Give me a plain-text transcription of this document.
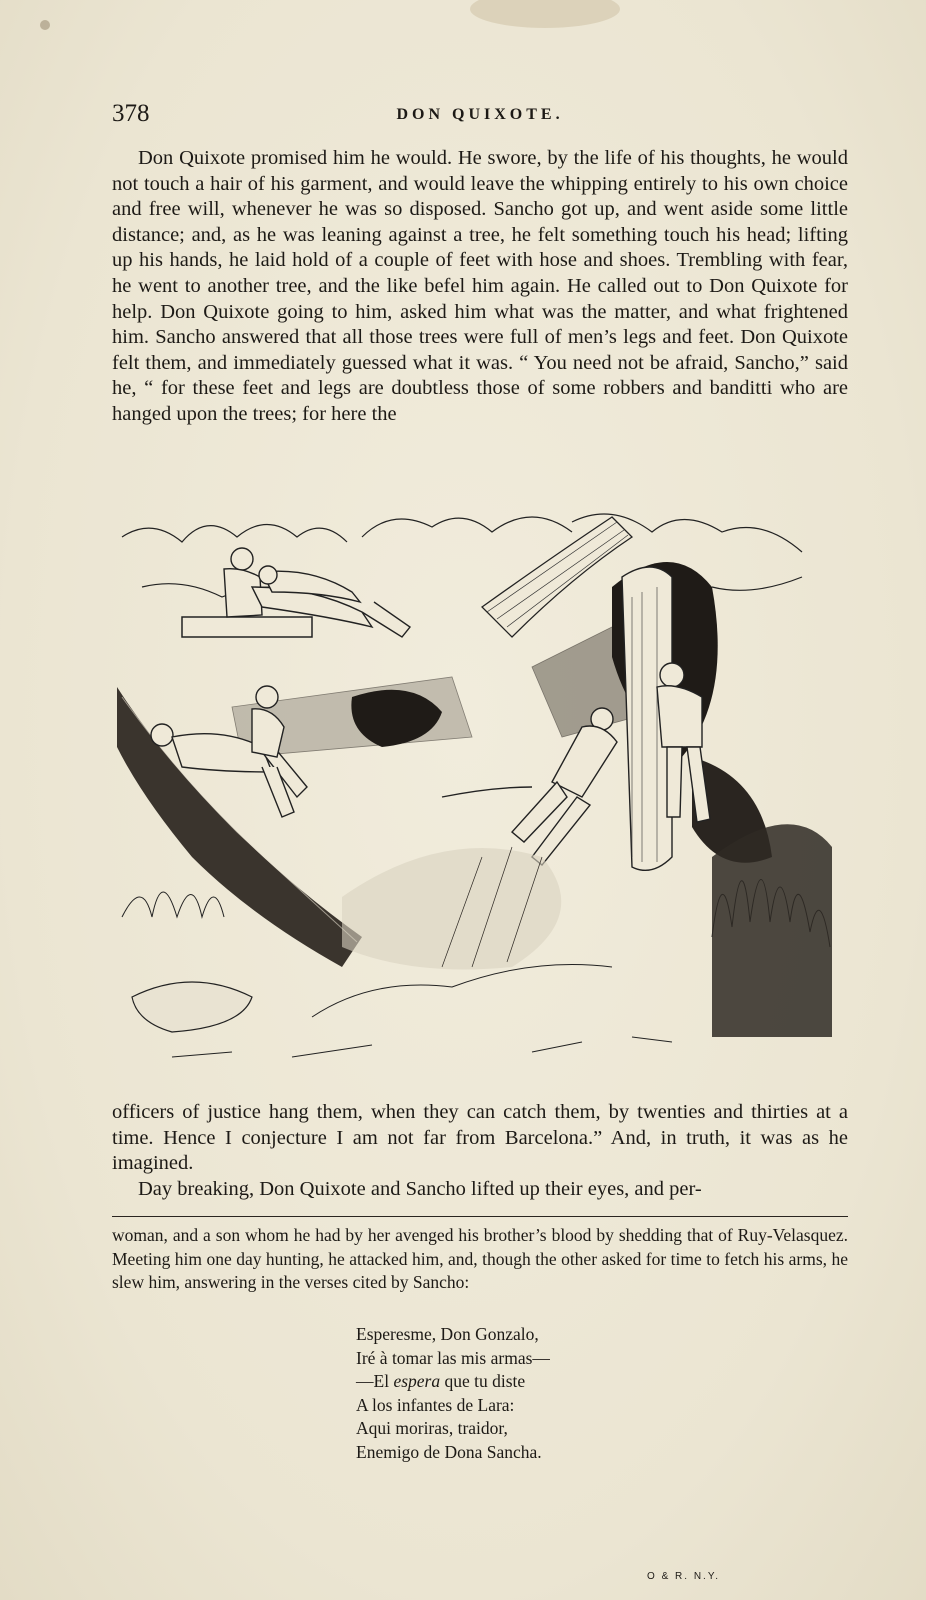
378	DON QUIXOTE.

Don Quixote promised him he would. He swore, by the life of his thoughts, he would not touch a hair of his garment, and would leave the whipping entirely to his own choice and free will, whenever he was so disposed. Sancho got up, and went aside some little distance; and, as he was leaning against a tree, he felt something touch his head; lifting up his hands, he laid hold of a couple of feet with hose and shoes. Trembling with fear, he went to another tree, and the like befel him again. He called out to Don Quixote for help. Don Quixote going to him, asked him what was the matter, and what frightened him. Sancho answered that all those trees were full of men’s legs and feet. Don Quixote felt them, and immediately guessed what it was. “ You need not be afraid, Sancho,” said he, “ for these feet and legs are doubtless those of some robbers and banditti who are hanged upon the trees; for here the

O & R. N.Y.
officers of justice hang them, when they can catch them, by twenties and thirties at a time. Hence I conjecture I am not far from Barcelona.” And, in truth, it was as he imagined.
Day breaking, Don Quixote and Sancho lifted up their eyes, and per-

woman, and a son whom he had by her avenged his brother’s blood by shedding that of Ruy-Velasquez. Meeting him one day hunting, he attacked him, and, though the other asked for time to fetch his arms, he slew him, answering in the verses cited by Sancho:

Esperesme, Don Gonzalo,
Iré à tomar las mis armas—
—El espera que tu diste
A los infantes de Lara:
Aqui moriras, traidor,
Enemigo de Dona Sancha.
